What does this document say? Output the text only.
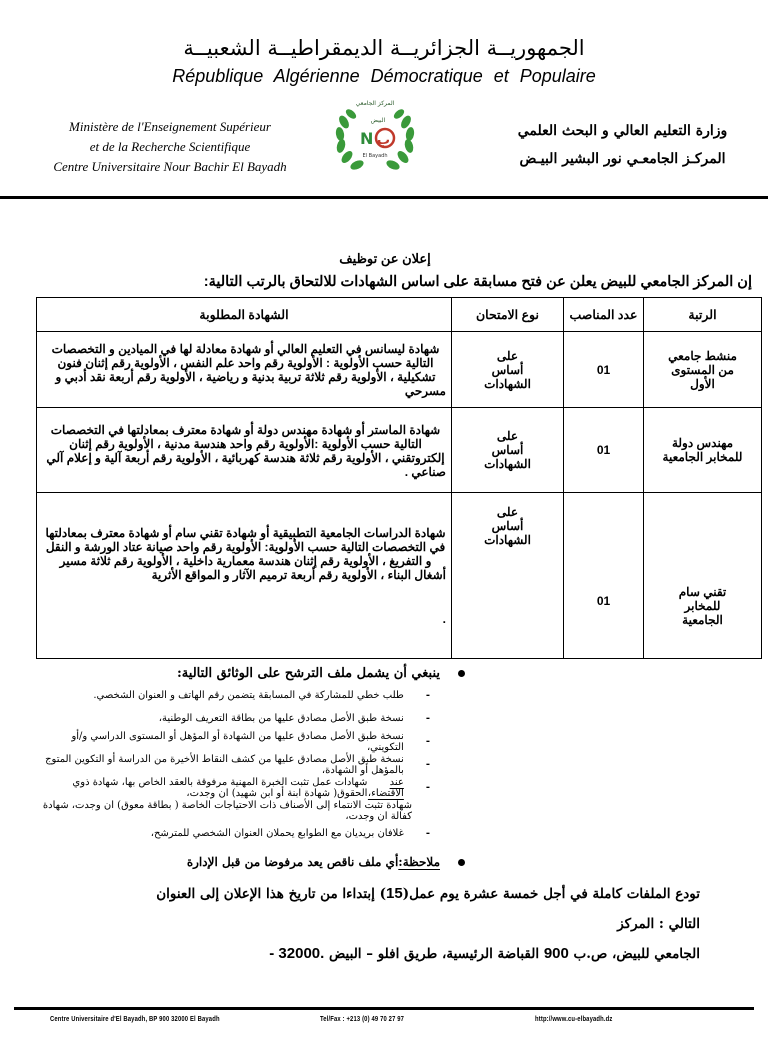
الجمهوريــة الجزائريــة الديمقراطيــة الشعبيــة
République Algérienne Démocratique et Populaire
Ministère de l'Enseignement Supérieur
et de la Recherche Scientifique
Centre Universitaire Nour Bachir El Bayadh
المركز الجامعي
البيض
N ب
El Bayadh
وزارة التعليم العالي و البحث العلمي
المركـز الجامعـي نور البشير البيـض
إعلان عن توظيف
إن المركز الجامعي للبيض يعلن عن فتح مسابقة على اساس الشهادات للالتحاق بالرتب التالية:
الرتبة	عدد المناصب	نوع الامتحان	الشهادة المطلوبة
منشط جامعي من المستوى الأول	01	على أساس الشهادات	شهادة ليسانس في التعليم العالي أو شهادة معادلة لها في الميادين و التخصصات التالية حسب الأولوية : الأولوية رقم واحد علم النفس ، الأولوية رقم إثنان فنون تشكيلية ، الأولوية رقم ثلاثة تربية بدنية و رياضية ، الأولوية رقم أربعة نقد أدبي و مسرحي
مهندس دولة للمخابر الجامعية	01	على أساس الشهادات	شهادة الماستر أو شهادة مهندس دولة أو شهادة معترف بمعادلتها في التخصصات التالية حسب الأولوية :الأولوية رقم واحد هندسة مدنية ، الأولوية رقم إثنان إلكتروتقني ، الأولوية رقم ثلاثة هندسة كهربائية ، الأولوية رقم أربعة آلية و إعلام آلي صناعي .
تقني سام للمخابر الجامعية	01	على أساس الشهادات	شهادة الدراسات الجامعية التطبيقية أو شهادة تقني سام أو شهادة معترف بمعادلتها في التخصصات التالية حسب الأولوية: الأولوية رقم واحد صيانة عتاد الورشة و النقل و التفريغ ، الأولوية رقم إثنان هندسة معمارية داخلية ، الأولوية رقم ثلاثة مسير أشغال البناء ، الأولوية رقم أربعة ترميم الآثار و المواقع الأثرية
.
ينبغي أن يشمل ملف الترشح على الوثائق التالية:
-
طلب خطي للمشاركة في المسابقة يتضمن رقم الهاتف و العنوان الشخصي.
-
نسخة طبق الأصل مصادق عليها من بطاقة التعريف الوطنية،
-
نسخة طبق الأصل مصادق عليها من الشهادة أو المؤهل أو المستوى الدراسي و/أو التكويني،
-
نسخة طبق الأصل مصادق عليها من كشف النقاط الأخيرة من الدراسة أو التكوين المتوج بالمؤهل أو الشهادة،
-
عند الاقتضاء،
شهادات عمل تثبت الخبرة المهنية مرفوقة بالعقد الخاص بها، شهادة ذوي الحقوق( شهادة ابنة أو ابن شهيد) ان وجدت،
شهادة تثبت الانتماء إلى الأصناف ذات الاحتياجات الخاصة ( بطاقة معوق) ان وجدت، شهادة كفالة ان وجدت،
-
غلافان بريديان مع الطوابع يحملان العنوان الشخصي للمترشح،
ملاحظة:
أي ملف ناقص يعد مرفوضا من قبل الإدارة
تودع الملفات كاملة في أجل خمسة عشرة يوم عمل(15) إبتداءا من تاريخ هذا الإعلان إلى العنوان التالي : المركز
الجامعي للبيض، ص.ب 900 القباضة الرئيسية، طريق افلو – البيض - 32000.
Centre Universitaire d'El Bayadh, BP 900 32000 El Bayadh	Tel/Fax : +213 (0) 49 70 27 97	http://www.cu-elbayadh.dz
